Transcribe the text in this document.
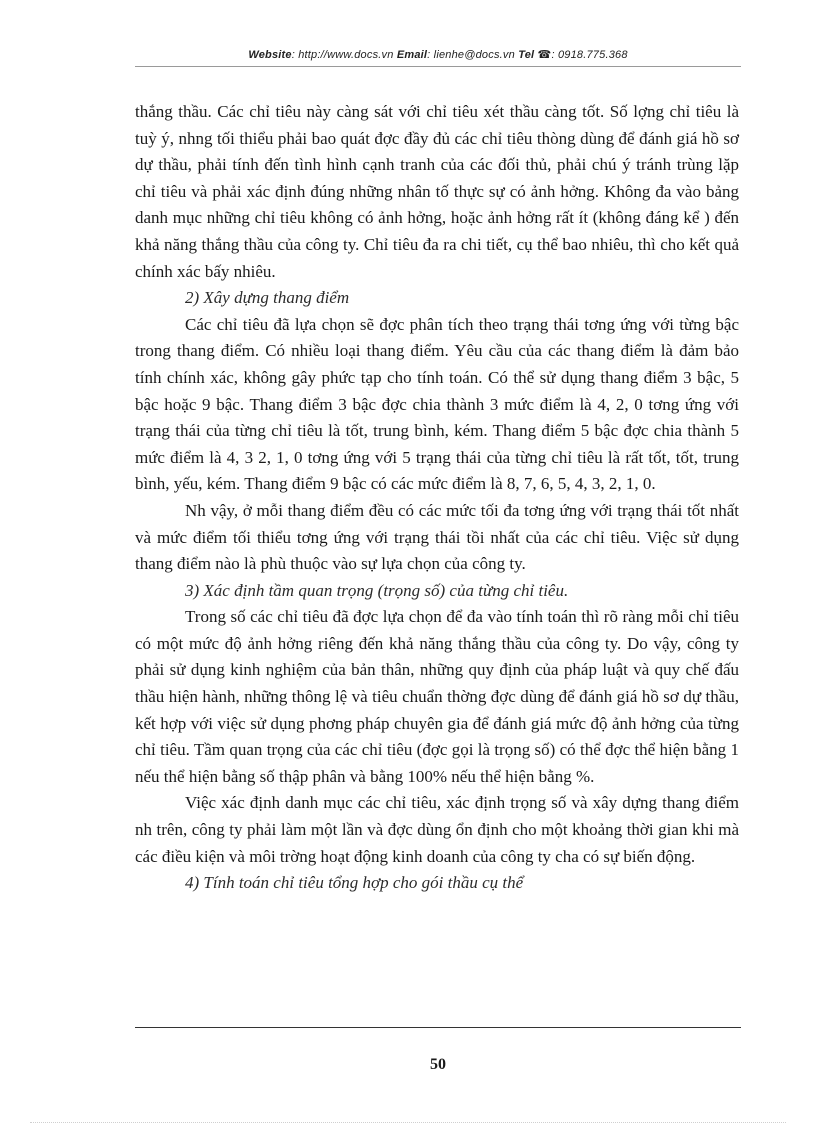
Website: http://www.docs.vn Email: lienhe@docs.vn Tel ☎: 0918.775.368

thắng thầu. Các chỉ tiêu này càng sát với chỉ tiêu xét thầu càng tốt. Số lợng chỉ tiêu là tuỳ ý, nhng tối thiểu phải bao quát đợc đầy đủ các chỉ tiêu thòng dùng để đánh giá hồ sơ dự thầu, phải tính đến tình hình cạnh tranh của các đối thủ, phải chú ý tránh trùng lặp chỉ tiêu và phải xác định đúng những nhân tố thực sự có ảnh hởng. Không đa vào bảng danh mục những chỉ tiêu không có ảnh hởng, hoặc ảnh hởng rất ít (không đáng kể ) đến khả năng thắng thầu của công ty. Chỉ tiêu đa ra chi tiết, cụ thể bao nhiêu, thì cho kết quả chính xác bấy nhiêu.

2) Xây dựng thang điểm

Các chỉ tiêu đã lựa chọn sẽ đợc phân tích theo trạng thái tơng ứng với từng bậc trong thang điểm. Có nhiều loại thang điểm. Yêu cầu của các thang điểm là đảm bảo tính chính xác, không gây phức tạp cho tính toán. Có thể sử dụng thang điểm 3 bậc, 5 bậc hoặc 9 bậc. Thang điểm 3 bậc đợc chia thành 3 mức điểm là 4, 2, 0 tơng ứng với trạng thái của từng chỉ tiêu là tốt, trung bình, kém. Thang điểm 5 bậc đợc chia thành 5 mức điểm là 4, 3 2, 1, 0 tơng ứng với 5 trạng thái của từng chỉ tiêu là rất tốt, tốt, trung bình, yếu, kém. Thang điểm 9 bậc có các mức điểm là 8, 7, 6, 5, 4, 3, 2, 1, 0.

Nh vậy, ở mỗi thang điểm đều có các mức tối đa tơng ứng với trạng thái tốt nhất và mức điểm tối thiểu tơng ứng với trạng thái tồi nhất của các chỉ tiêu. Việc sử dụng thang điểm nào là phù thuộc vào sự lựa chọn của công ty.

3) Xác định tầm quan trọng (trọng số) của từng chỉ tiêu.

Trong số các chỉ tiêu đã đợc lựa chọn để đa vào tính toán thì rõ ràng mỗi chỉ tiêu có một mức độ ảnh hởng riêng đến khả năng thắng thầu của công ty. Do vậy, công ty phải sử dụng kinh nghiệm của bản thân, những quy định của pháp luật và quy chế đấu thầu hiện hành, những thông lệ và tiêu chuẩn thờng đợc dùng để đánh giá hồ sơ dự thầu, kết hợp với việc sử dụng phơng pháp chuyên gia để đánh giá mức độ ảnh hởng của từng chỉ tiêu. Tầm quan trọng của các chỉ tiêu (đợc gọi là trọng số) có thể đợc thể hiện bằng 1 nếu thể hiện bằng số thập phân và bằng 100% nếu thể hiện bằng %.

Việc xác định danh mục các chỉ tiêu, xác định trọng số và xây dựng thang điểm nh trên, công ty phải làm một lần và đợc dùng ổn định cho một khoảng thời gian khi mà các điều kiện và môi trờng hoạt động kinh doanh của công ty cha có sự biến động.

4) Tính toán chỉ tiêu tổng hợp cho gói thầu cụ thể

50
